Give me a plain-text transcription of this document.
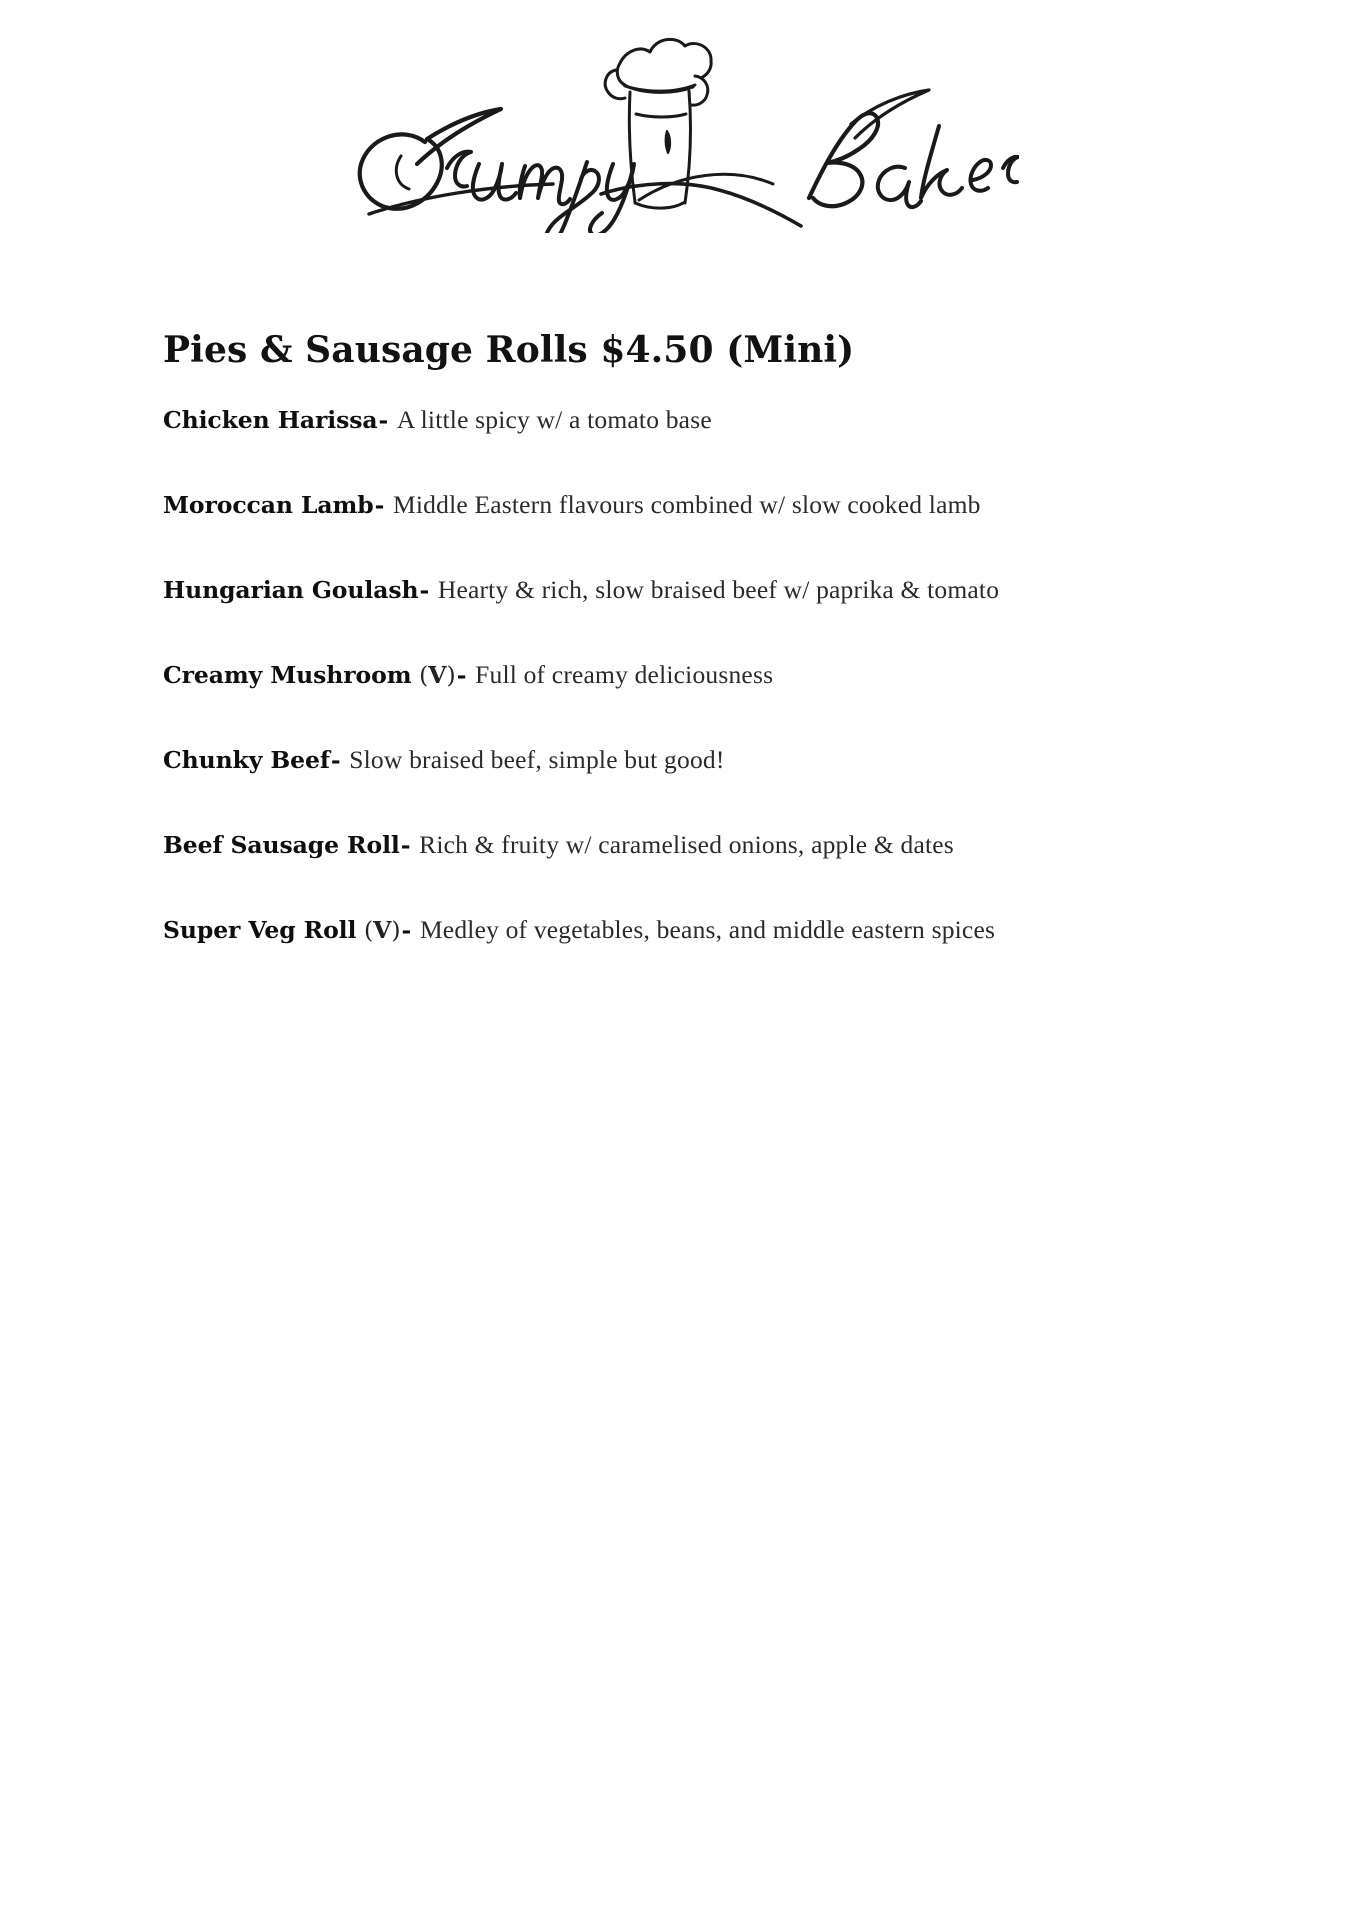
Pies & Sausage Rolls $4.50 (Mini)
Chicken Harissa- A little spicy w/ a tomato base
Moroccan Lamb- Middle Eastern flavours combined w/ slow cooked lamb
Hungarian Goulash- Hearty & rich, slow braised beef w/ paprika & tomato
Creamy Mushroom (V)- Full of creamy deliciousness
Chunky Beef- Slow braised beef, simple but good!
Beef Sausage Roll- Rich & fruity w/ caramelised onions, apple & dates
Super Veg Roll (V)- Medley of vegetables, beans, and middle eastern spices
